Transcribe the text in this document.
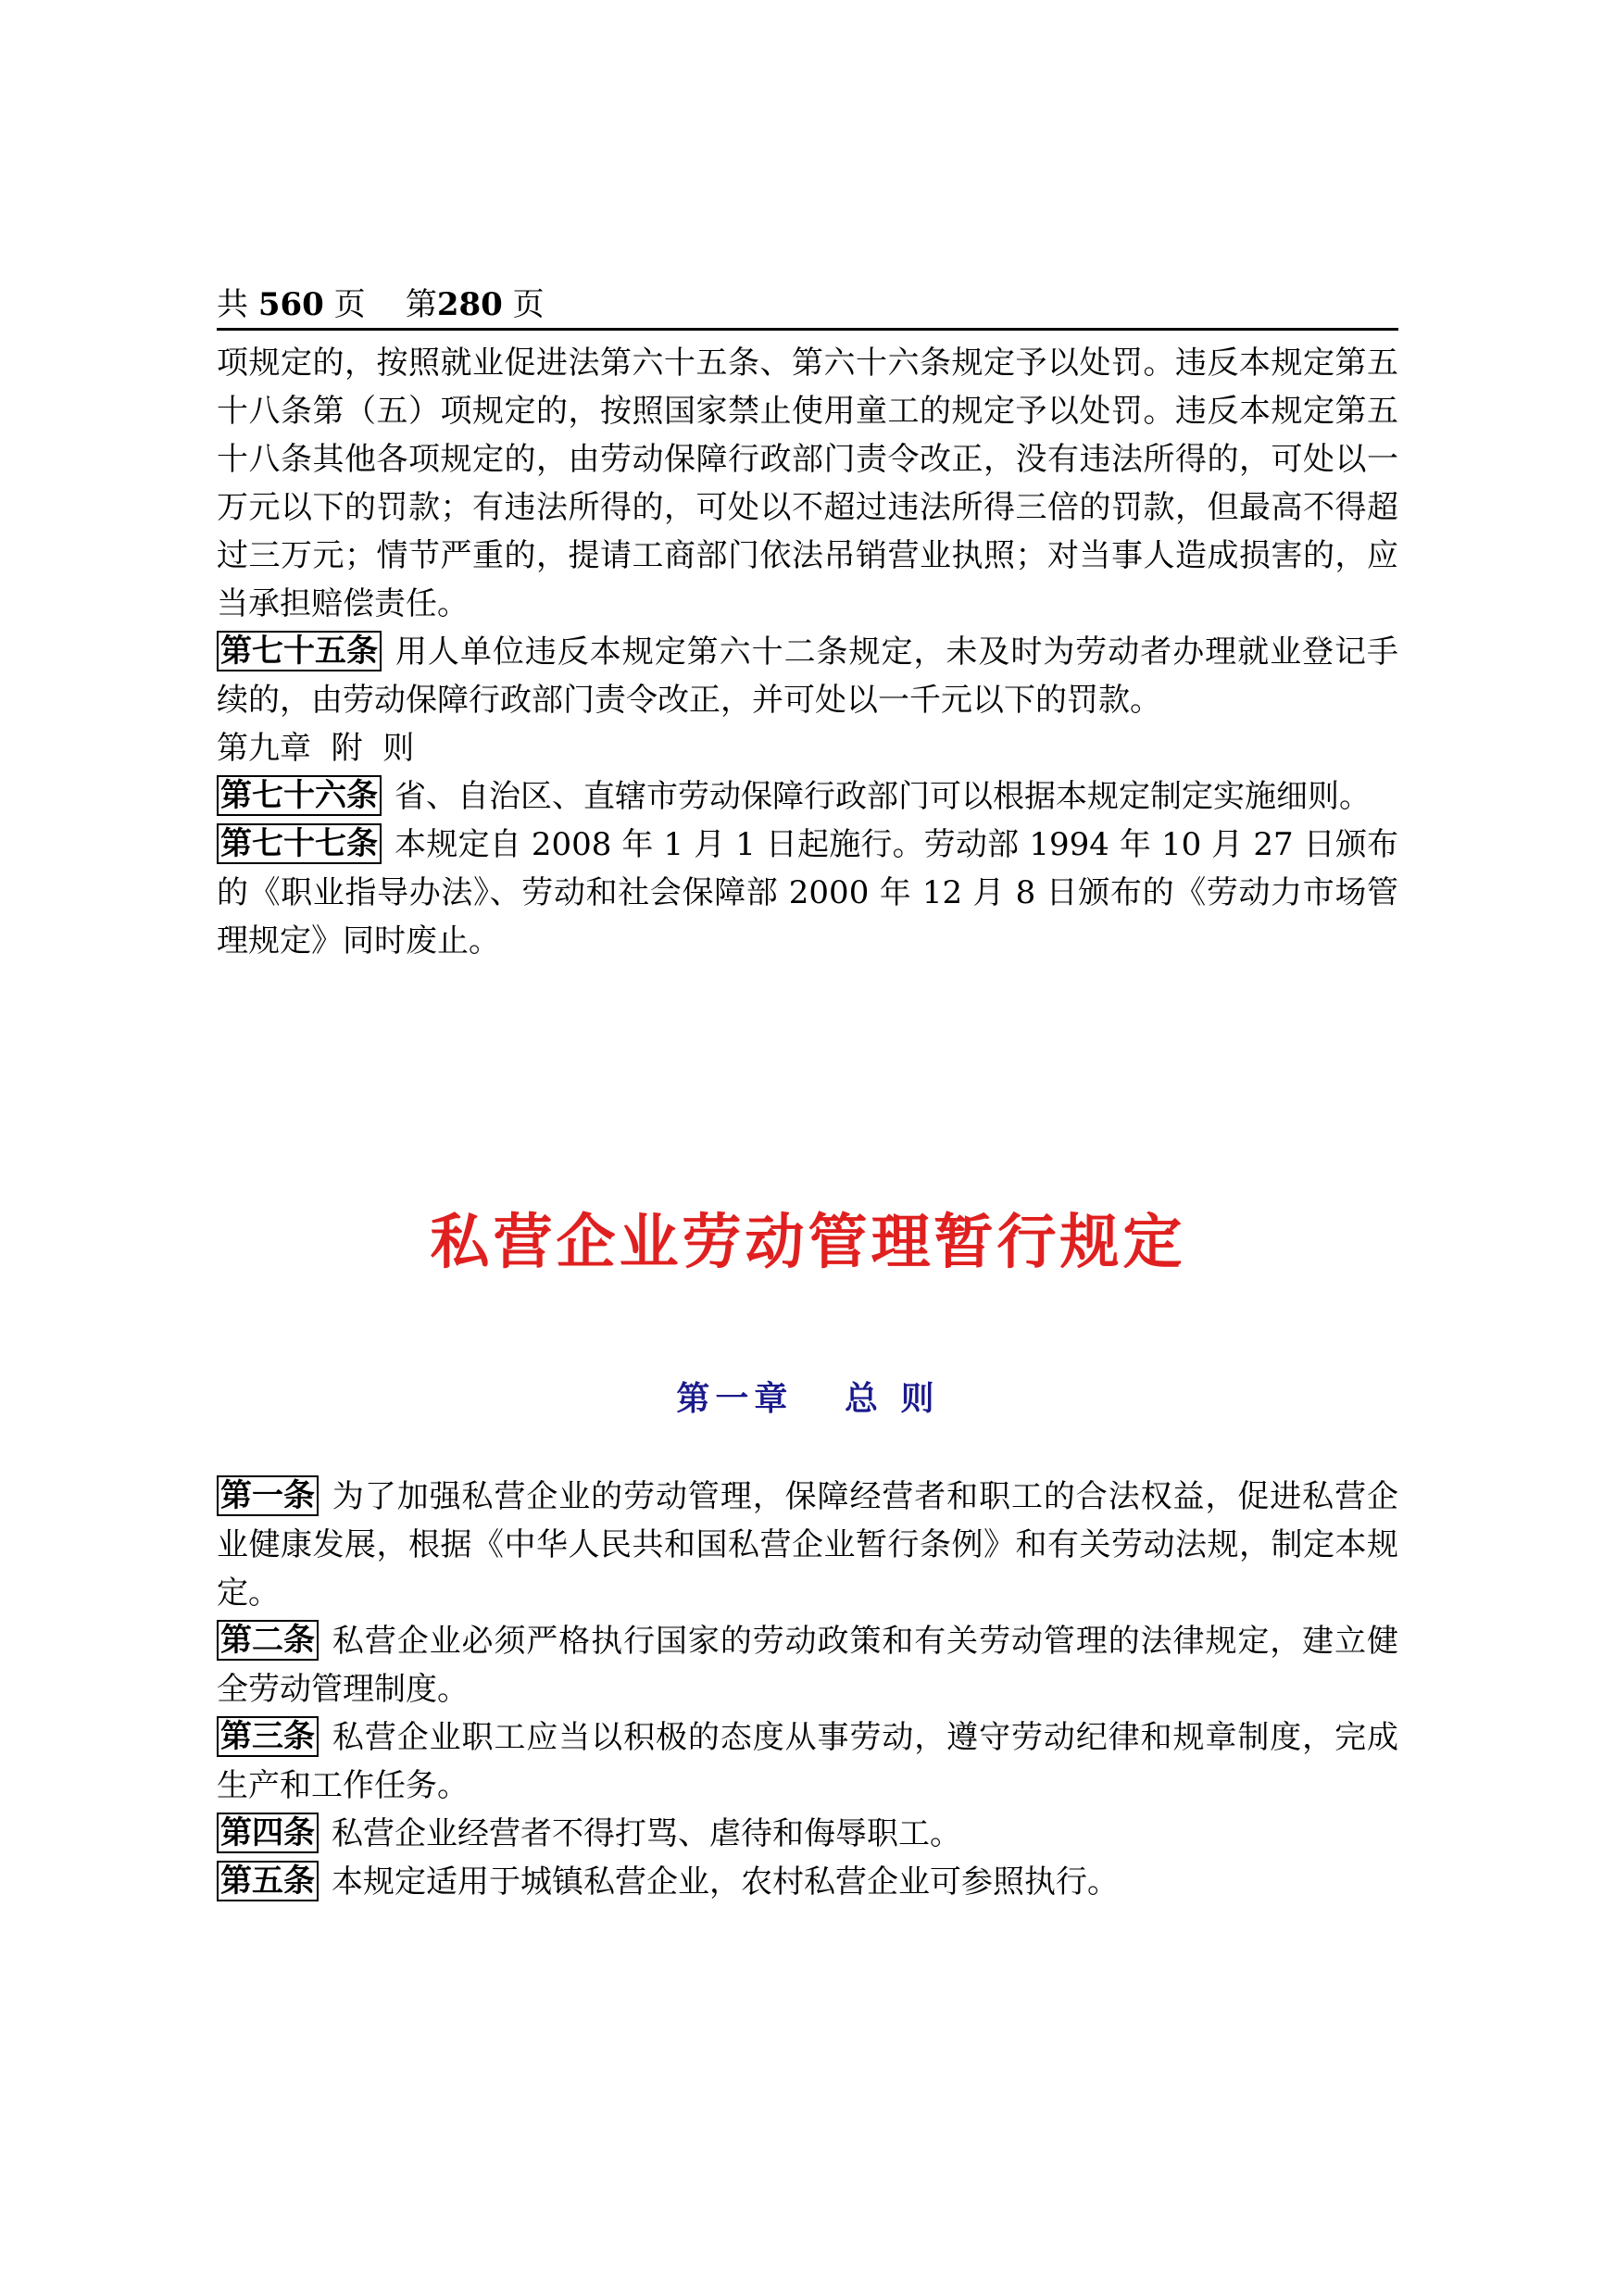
共 560 页 第280 页

项规定的，按照就业促进法第六十五条、第六十六条规定予以处罚。违反本规定第五十八条第（五）项规定的，按照国家禁止使用童工的规定予以处罚。违反本规定第五十八条其他各项规定的，由劳动保障行政部门责令改正，没有违法所得的，可处以一万元以下的罚款；有违法所得的，可处以不超过违法所得三倍的罚款，但最高不得超过三万元；情节严重的，提请工商部门依法吊销营业执照；对当事人造成损害的，应当承担赔偿责任。

第七十五条 用人单位违反本规定第六十二条规定，未及时为劳动者办理就业登记手续的，由劳动保障行政部门责令改正，并可处以一千元以下的罚款。

第九章  附  则

第七十六条 省、自治区、直辖市劳动保障行政部门可以根据本规定制定实施细则。

第七十七条 本规定自 2008 年 1 月 1 日起施行。劳动部 1994 年 10 月 27 日颁布的《职业指导办法》、劳动和社会保障部 2000 年 12 月 8 日颁布的《劳动力市场管理规定》同时废止。

私营企业劳动管理暂行规定
第一章   总 则

第一条 为了加强私营企业的劳动管理，保障经营者和职工的合法权益，促进私营企业健康发展，根据《中华人民共和国私营企业暂行条例》和有关劳动法规，制定本规定。

第二条 私营企业必须严格执行国家的劳动政策和有关劳动管理的法律规定，建立健全劳动管理制度。

第三条 私营企业职工应当以积极的态度从事劳动，遵守劳动纪律和规章制度，完成生产和工作任务。

第四条 私营企业经营者不得打骂、虐待和侮辱职工。

第五条 本规定适用于城镇私营企业，农村私营企业可参照执行。
